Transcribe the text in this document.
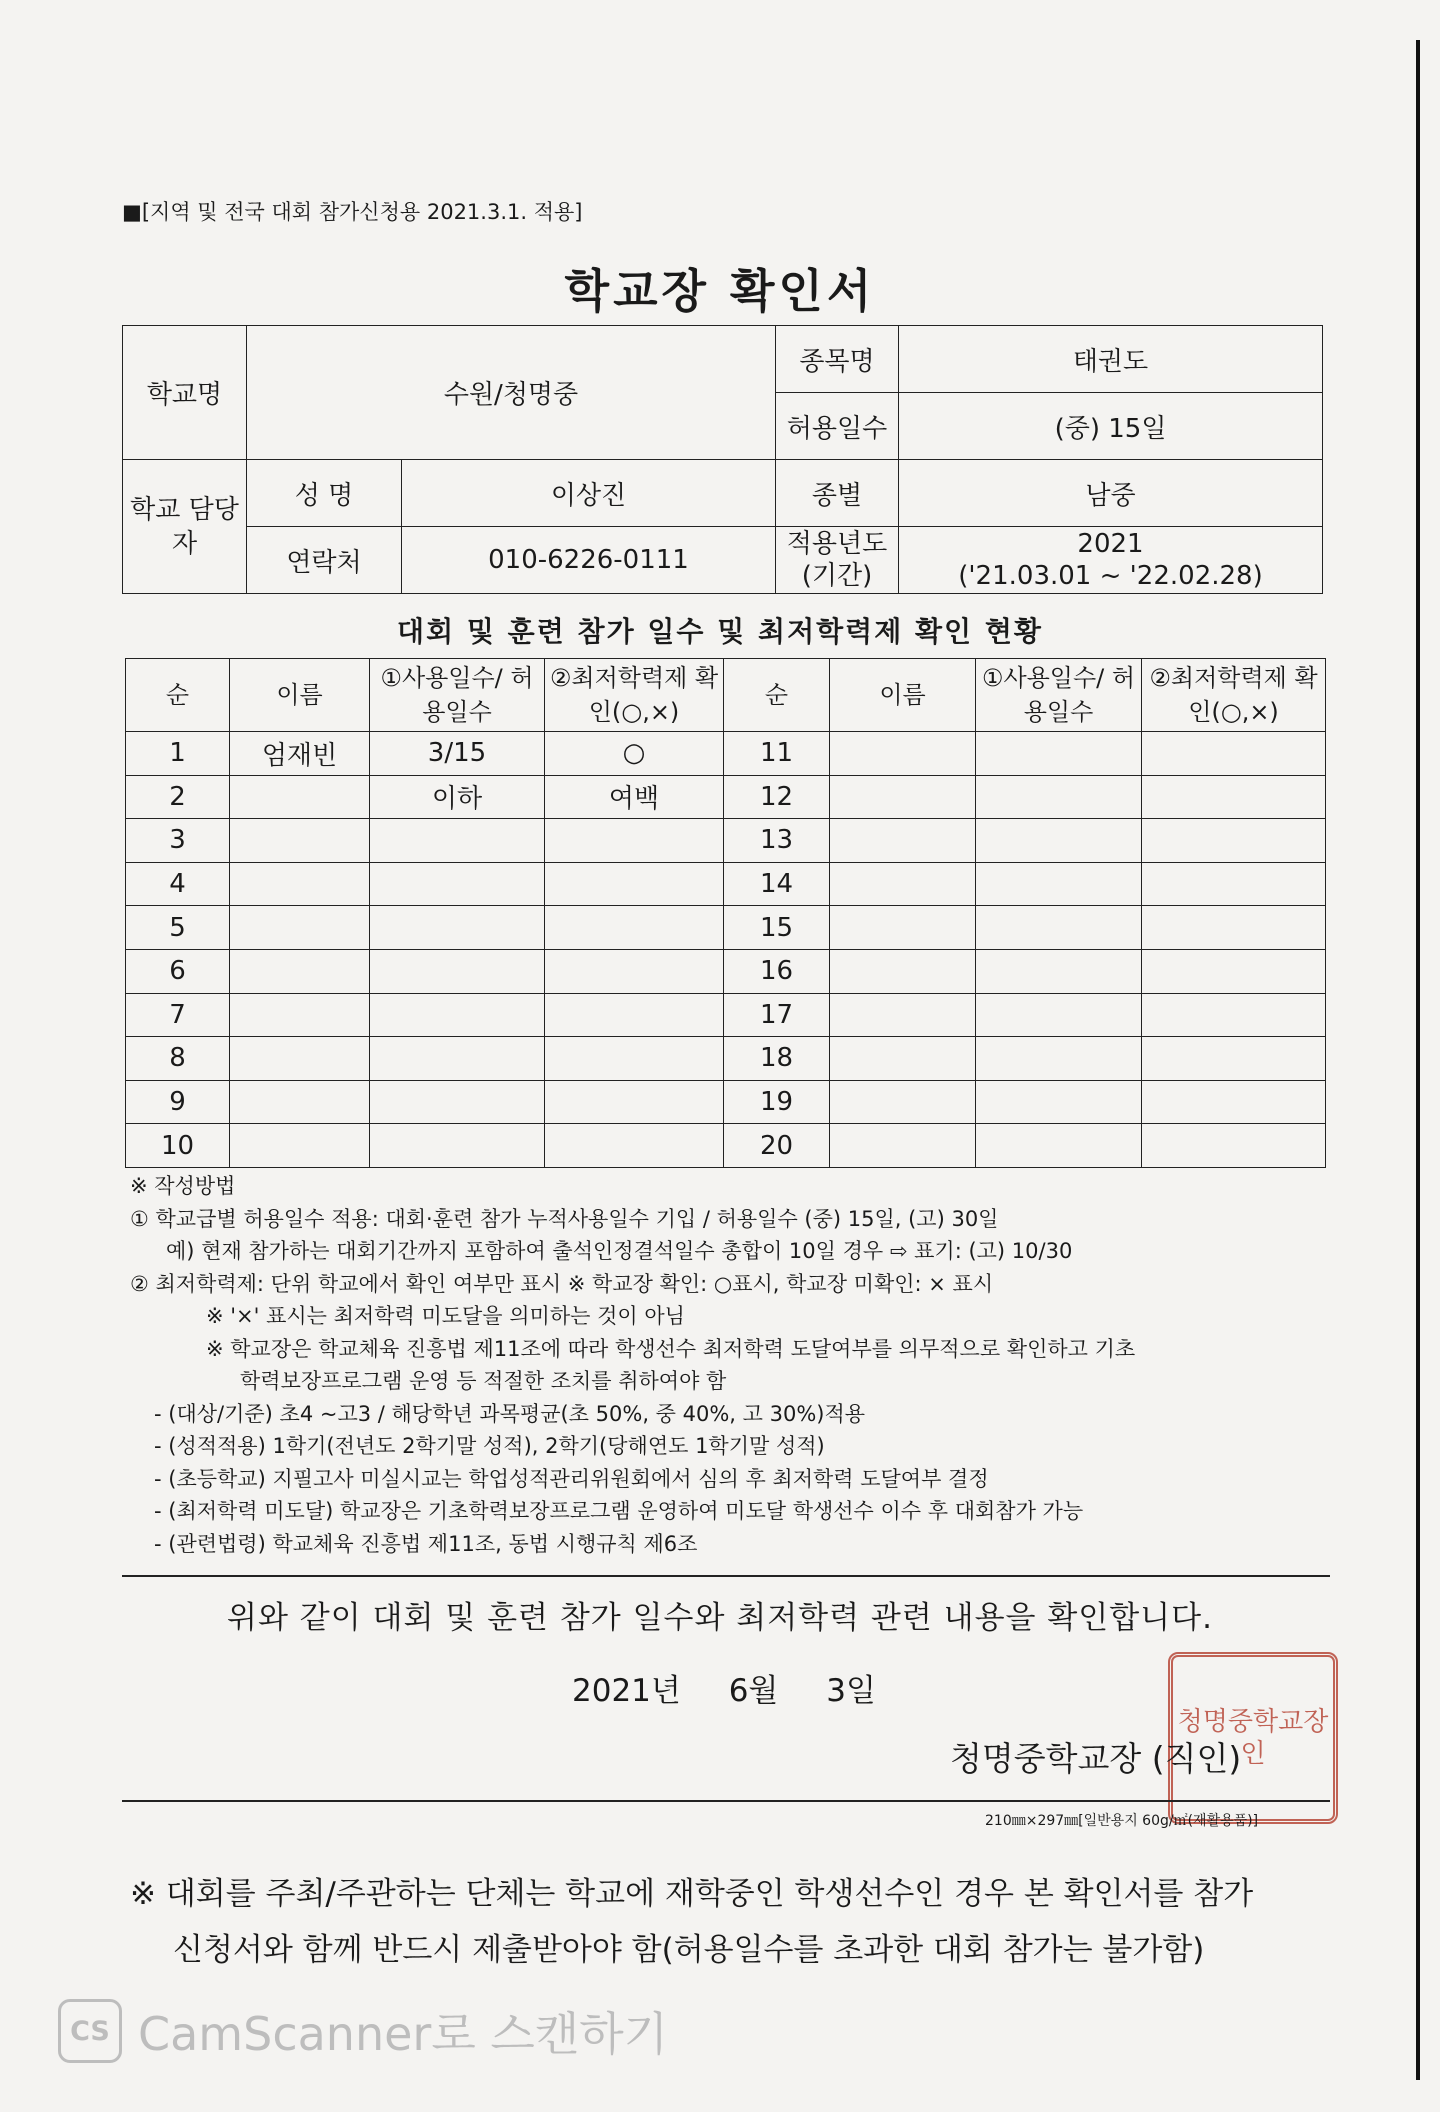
■[지역 및 전국 대회 참가신청용 2021.3.1. 적용]
학교장 확인서
학교명	수원/청명중		종목명	태권도
			허용일수	(중) 15일
학교 담당자	성 명	이상진	종별	남중
	연락처	010-6226-0111	적용년도 (기간)	2021
('21.03.01 ~ '22.02.28)
대회 및 훈련 참가 일수 및 최저학력제 확인 현황
순	이름	①사용일수/ 허용일수	②최저학력제 확인(○,×)	순	이름	①사용일수/ 허용일수	②최저학력제 확인(○,×)
1	엄재빈	3/15	○	11			
2		이하	여백	12			
3				13			
4				14			
5				15			
6				16			
7				17			
8				18			
9				19			
10				20			
※ 작성방법
① 학교급별 허용일수 적용: 대회·훈련 참가 누적사용일수 기입 / 허용일수 (중) 15일, (고) 30일
예) 현재 참가하는 대회기간까지 포함하여 출석인정결석일수 총합이 10일 경우 ⇨ 표기: (고) 10/30
② 최저학력제: 단위 학교에서 확인 여부만 표시 ※ 학교장 확인: ○표시, 학교장 미확인: × 표시
※ '×' 표시는 최저학력 미도달을 의미하는 것이 아님
※ 학교장은 학교체육 진흥법 제11조에 따라 학생선수 최저학력 도달여부를 의무적으로 확인하고 기초
학력보장프로그램 운영 등 적절한 조치를 취하여야 함
- (대상/기준) 초4 ~고3 / 해당학년 과목평균(초 50%, 중 40%, 고 30%)적용
- (성적적용) 1학기(전년도 2학기말 성적), 2학기(당해연도 1학기말 성적)
- (초등학교) 지필고사 미실시교는 학업성적관리위원회에서 심의 후 최저학력 도달여부 결정
- (최저학력 미도달) 학교장은 기초학력보장프로그램 운영하여 미도달 학생선수 이수 후 대회참가 가능
- (관련법령) 학교체육 진흥법 제11조, 동법 시행규칙 제6조
위와 같이 대회 및 훈련 참가 일수와 최저학력 관련 내용을 확인합니다.
2021년 6월 3일
청명중학교장인
청명중학교장 (직인)
210㎜×297㎜[일반용지 60g/㎡(재활용품)]
※ 대회를 주최/주관하는 단체는 학교에 재학중인 학생선수인 경우 본 확인서를 참가
신청서와 함께 반드시 제출받아야 함(허용일수를 초과한 대회 참가는 불가함)
CS CamScanner로 스캔하기
